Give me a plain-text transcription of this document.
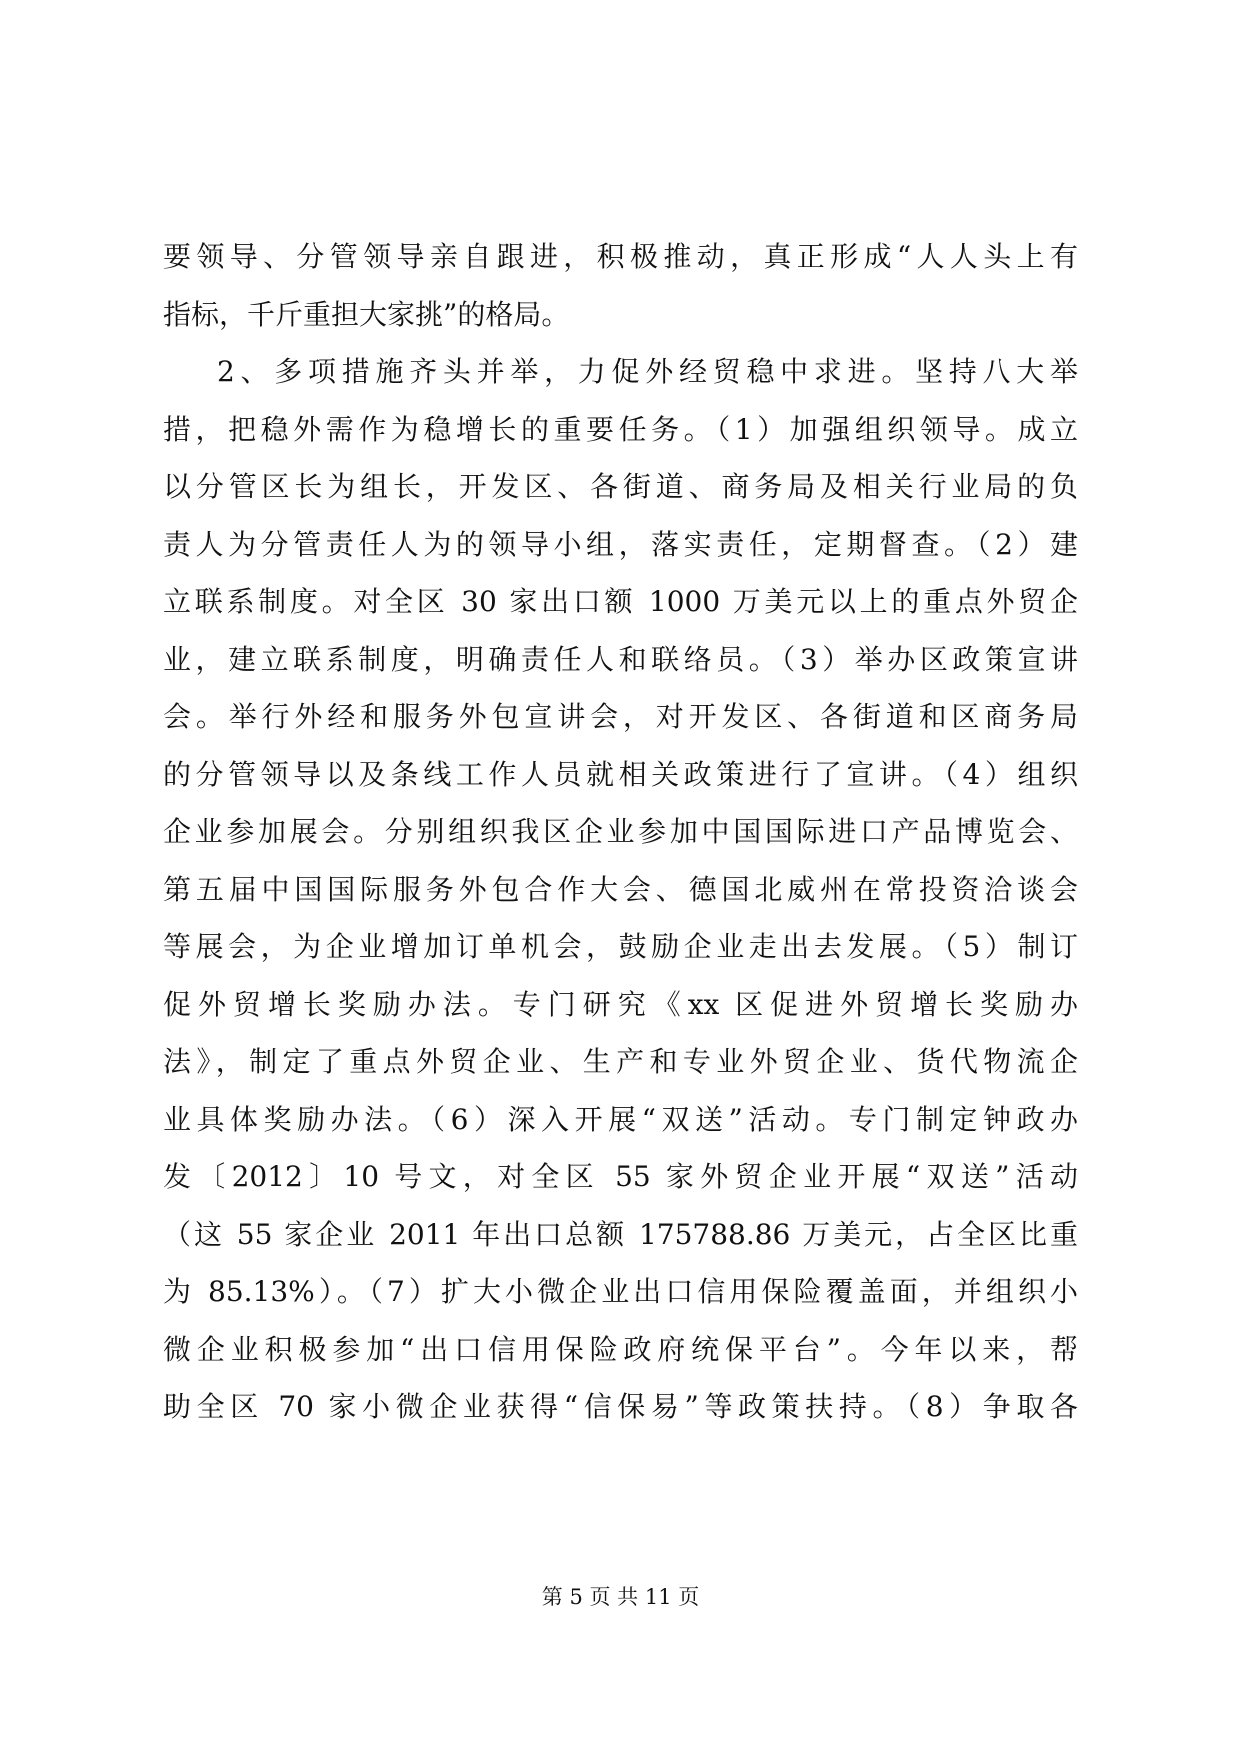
要领导、分管领导亲自跟进，积极推动，真正形成“人人头上有
指标，千斤重担大家挑”的格局。
2、多项措施齐头并举，力促外经贸稳中求进。坚持八大举
措，把稳外需作为稳增长的重要任务。（1）加强组织领导。成立
以分管区长为组长，开发区、各街道、商务局及相关行业局的负
责人为分管责任人为的领导小组，落实责任，定期督查。（2）建
立联系制度。对全区 30 家出口额 1000 万美元以上的重点外贸企
业，建立联系制度，明确责任人和联络员。（3）举办区政策宣讲
会。举行外经和服务外包宣讲会，对开发区、各街道和区商务局
的分管领导以及条线工作人员就相关政策进行了宣讲。（4）组织
企业参加展会。分别组织我区企业参加中国国际进口产品博览会、
第五届中国国际服务外包合作大会、德国北威州在常投资洽谈会
等展会，为企业增加订单机会，鼓励企业走出去发展。（5）制订
促外贸增长奖励办法。专门研究《xx 区促进外贸增长奖励办
法》，制定了重点外贸企业、生产和专业外贸企业、货代物流企
业具体奖励办法。（6）深入开展“双送”活动。专门制定钟政办
发〔2012〕10 号文，对全区 55 家外贸企业开展“双送”活动
（这 55 家企业 2011 年出口总额 175788.86 万美元，占全区比重
为 85.13%）。（7）扩大小微企业出口信用保险覆盖面，并组织小
微企业积极参加“出口信用保险政府统保平台”。今年以来，帮
助全区 70 家小微企业获得“信保易”等政策扶持。（8）争取各
第 5 页 共 11 页
